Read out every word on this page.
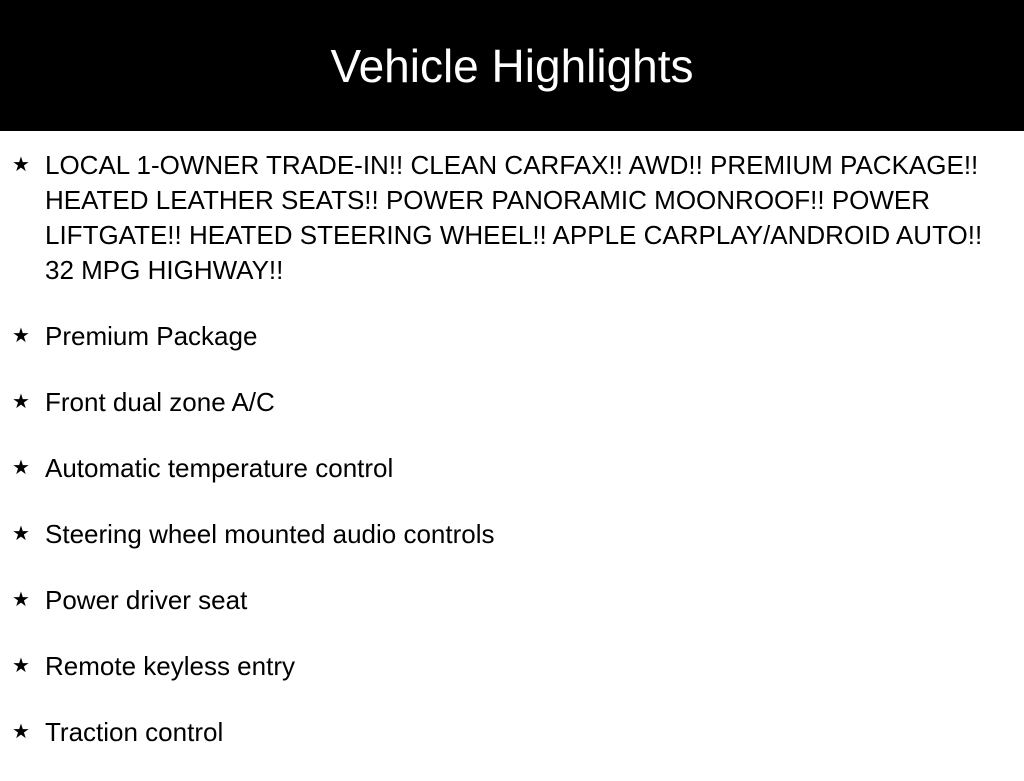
Vehicle Highlights
★ LOCAL 1-OWNER TRADE-IN!! CLEAN CARFAX!! AWD!! PREMIUM PACKAGE!! HEATED LEATHER SEATS!! POWER PANORAMIC MOONROOF!! POWER LIFTGATE!! HEATED STEERING WHEEL!! APPLE CARPLAY/ANDROID AUTO!! 32 MPG HIGHWAY!!
★ Premium Package
★ Front dual zone A/C
★ Automatic temperature control
★ Steering wheel mounted audio controls
★ Power driver seat
★ Remote keyless entry
★ Traction control
